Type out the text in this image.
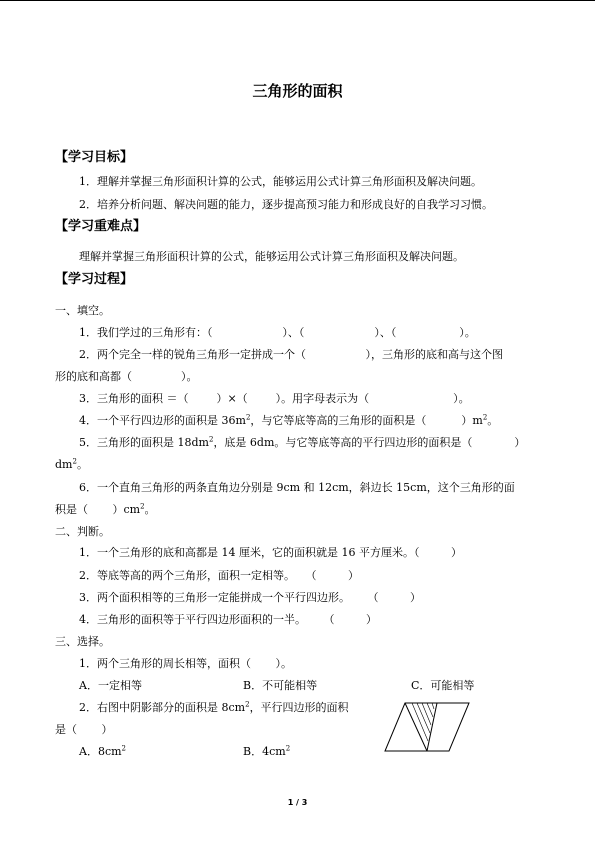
三角形的面积
【学习目标】
1．理解并掌握三角形面积计算的公式，能够运用公式计算三角形面积及解决问题。
2．培养分析问题、解决问题的能力，逐步提高预习能力和形成良好的自我学习习惯。
【学习重难点】
理解并掌握三角形面积计算的公式，能够运用公式计算三角形面积及解决问题。
【学习过程】
一、填空。
1．我们学过的三角形有：（                    ）、（                    ）、（                  ）。
2．两个完全一样的锐角三角形一定拼成一个（                 ），三角形的底和高与这个图
形的底和高都（              ）。
3．三角形的面积 ＝（        ）×（        ）。用字母表示为（                        ）。
4．一个平行四边形的面积是 $36m^2$，与它等底等高的三角形的面积是（          ）$m^2$。
5．三角形的面积是 $18dm^2$，底是 6dm。与它等底等高的平行四边形的面积是（            ）
$dm^2$。
6．一个直角三角形的两条直角边分别是 9cm 和 12cm，斜边长 15cm，这个三角形的面
积是（       ）$cm^2$。
二、判断。
1．一个三角形的底和高都是 14 厘米，它的面积就是 16 平方厘米。（         ）
2．等底等高的两个三角形，面积一定相等。   （         ）
3．两个面积相等的三角形一定能拼成一个平行四边形。     （         ）
4．三角形的面积等于平行四边形面积的一半。     （         ）
三、选择。
1．两个三角形的周长相等，面积（       ）。
A．一定相等	B．不可能相等	C．可能相等
2．右图中阴影部分的面积是 $8cm^2$，平行四边形的面积
是（       ）
A．$8cm^2$	B．$4cm^2$
1 / 3
